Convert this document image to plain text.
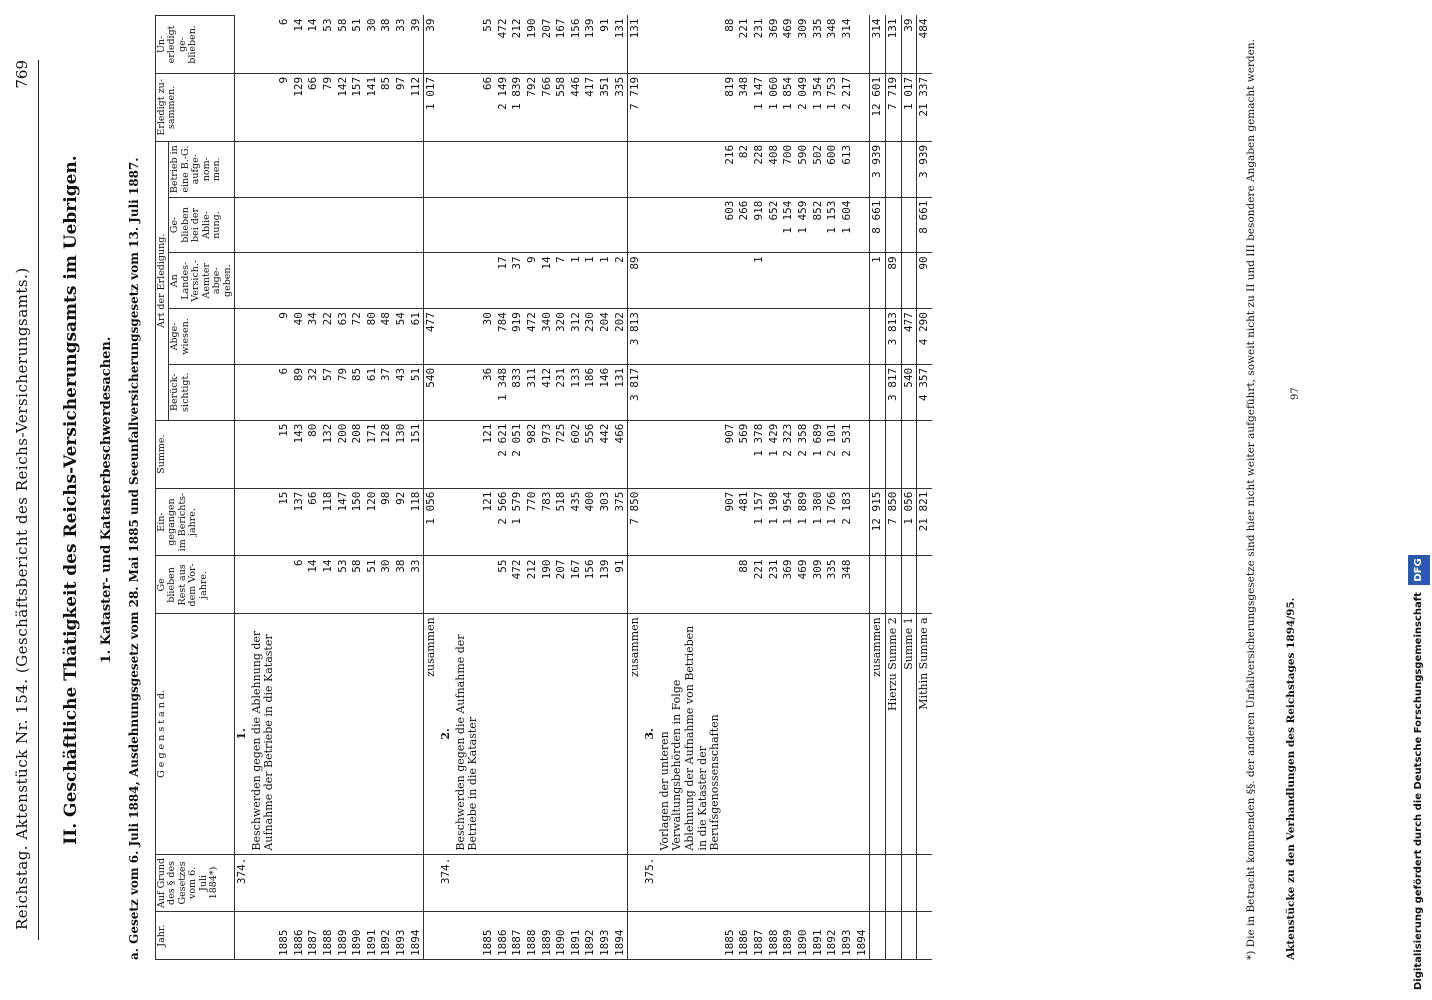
Reichstag. Aktenstück Nr. 154. (Geschäftsbericht des Reichs-Versicherungsamts.)
769
II. Geschäftliche Thätigkeit des Reichs-Versicherungsamts im Uebrigen. 1. Kataster- und Katasterbeschwerdesachen. a. Gesetz vom 6. Juli 1884, Ausdehnungsgesetz vom 28. Mai 1885 und Seeunfallversicherungsgesetz vom 13. Juli 1887. Jahr.	Auf Grund des § des Gesetzes vom 6. Juli 1884*)	G e g e n s t a n d.	Ge blieben Rest aus dem Vor- jahre.	Ein- gegangen im Berichts- jahre.	Summe.	Art der Erledigung.					Erledigt zu- sammen.	Un- erledigt ge- blieben.
						Berück- sichtigt.	Abge- wiesen.	An Landes- Versich.- Aemter abge- geben.	Ge- blieben bei der Ablie- nung.	Betrieb in eine B.-G. aufge- nom- men.		
	374.	1.										
		Beschwerden gegen die Ablehnung der Aufnahme der Betriebe in die Kataster										
1885				15	15	6	9				9	6
1886			6	137	143	89	40				129	14
1887			14	66	80	32	34				66	14
1888			14	118	132	57	22				79	53
1889			53	147	200	79	63				142	58
1890			58	150	208	85	72				157	51
1891			51	120	171	61	80				141	30
1892			30	98	128	37	48				85	38
1893			38	92	130	43	54				97	33
1894			33	118	151	51	61				112	39
		zusammen		1 056		540	477				1 017	39
	374.	2.										
		Beschwerden gegen die Aufnahme der Betriebe in die Kataster										
1885				121	121	36	30				66	55
1886			55	2 566	2 621	1 348	784	17			2 149	472
1887			472	1 579	2 051	833	919	37			1 839	212
1888			212	770	982	311	472	9			792	190
1889			190	783	973	412	340	14			766	207
1890			207	518	725	231	320	7			558	167
1891			167	435	602	133	312	1			446	156
1892			156	400	556	186	230	1			417	139
1893			139	303	442	146	204	1			351	91
1894			91	375	466	131	202	2			335	131
		zusammen		7 850		3 817	3 813	89			7 719	131
	375.	3.										
		Vorlagen der unteren Verwaltungsbehörden in Folge Ablehnung der Aufnahme von Betrieben in die Kataster der Berufsgenossenschaften										
1885				907	907				603	216	819	88
1886			88	481	569				266	82	348	221
1887			221	1 157	1 378			1	918	228	1 147	231
1888			231	1 198	1 429				652	408	1 060	369
1889			369	1 954	2 323				1 154	700	1 854	469
1890			469	1 889	2 358				1 459	590	2 049	309
1891			309	1 380	1 689				852	502	1 354	335
1892			335	1 766	2 101				1 153	600	1 753	348
1893			348	2 183	2 531				1 604	613	2 217	314
1894												
		zusammen		12 915				1	8 661	3 939	12 601	314
		Hierzu Summe 2		7 850		3 817	3 813	89			7 719	131
		Summe 1		1 056		540	477				1 017	39
		Mithin Summe a		21 821		4 357	4 290	90	8 661	3 939	21 337	484
*) Die in Betracht kommenden §§. der anderen Unfallversicherungsgesetze sind hier nicht weiter aufgeführt, soweit nicht zu II und III besondere Angaben gemacht werden.	Aktenstücke zu den Verhandlungen des Reichstages 1894/95.
97
Digitalisierung gefördert durch die Deutsche Forschungsgemeinschaft DFG
